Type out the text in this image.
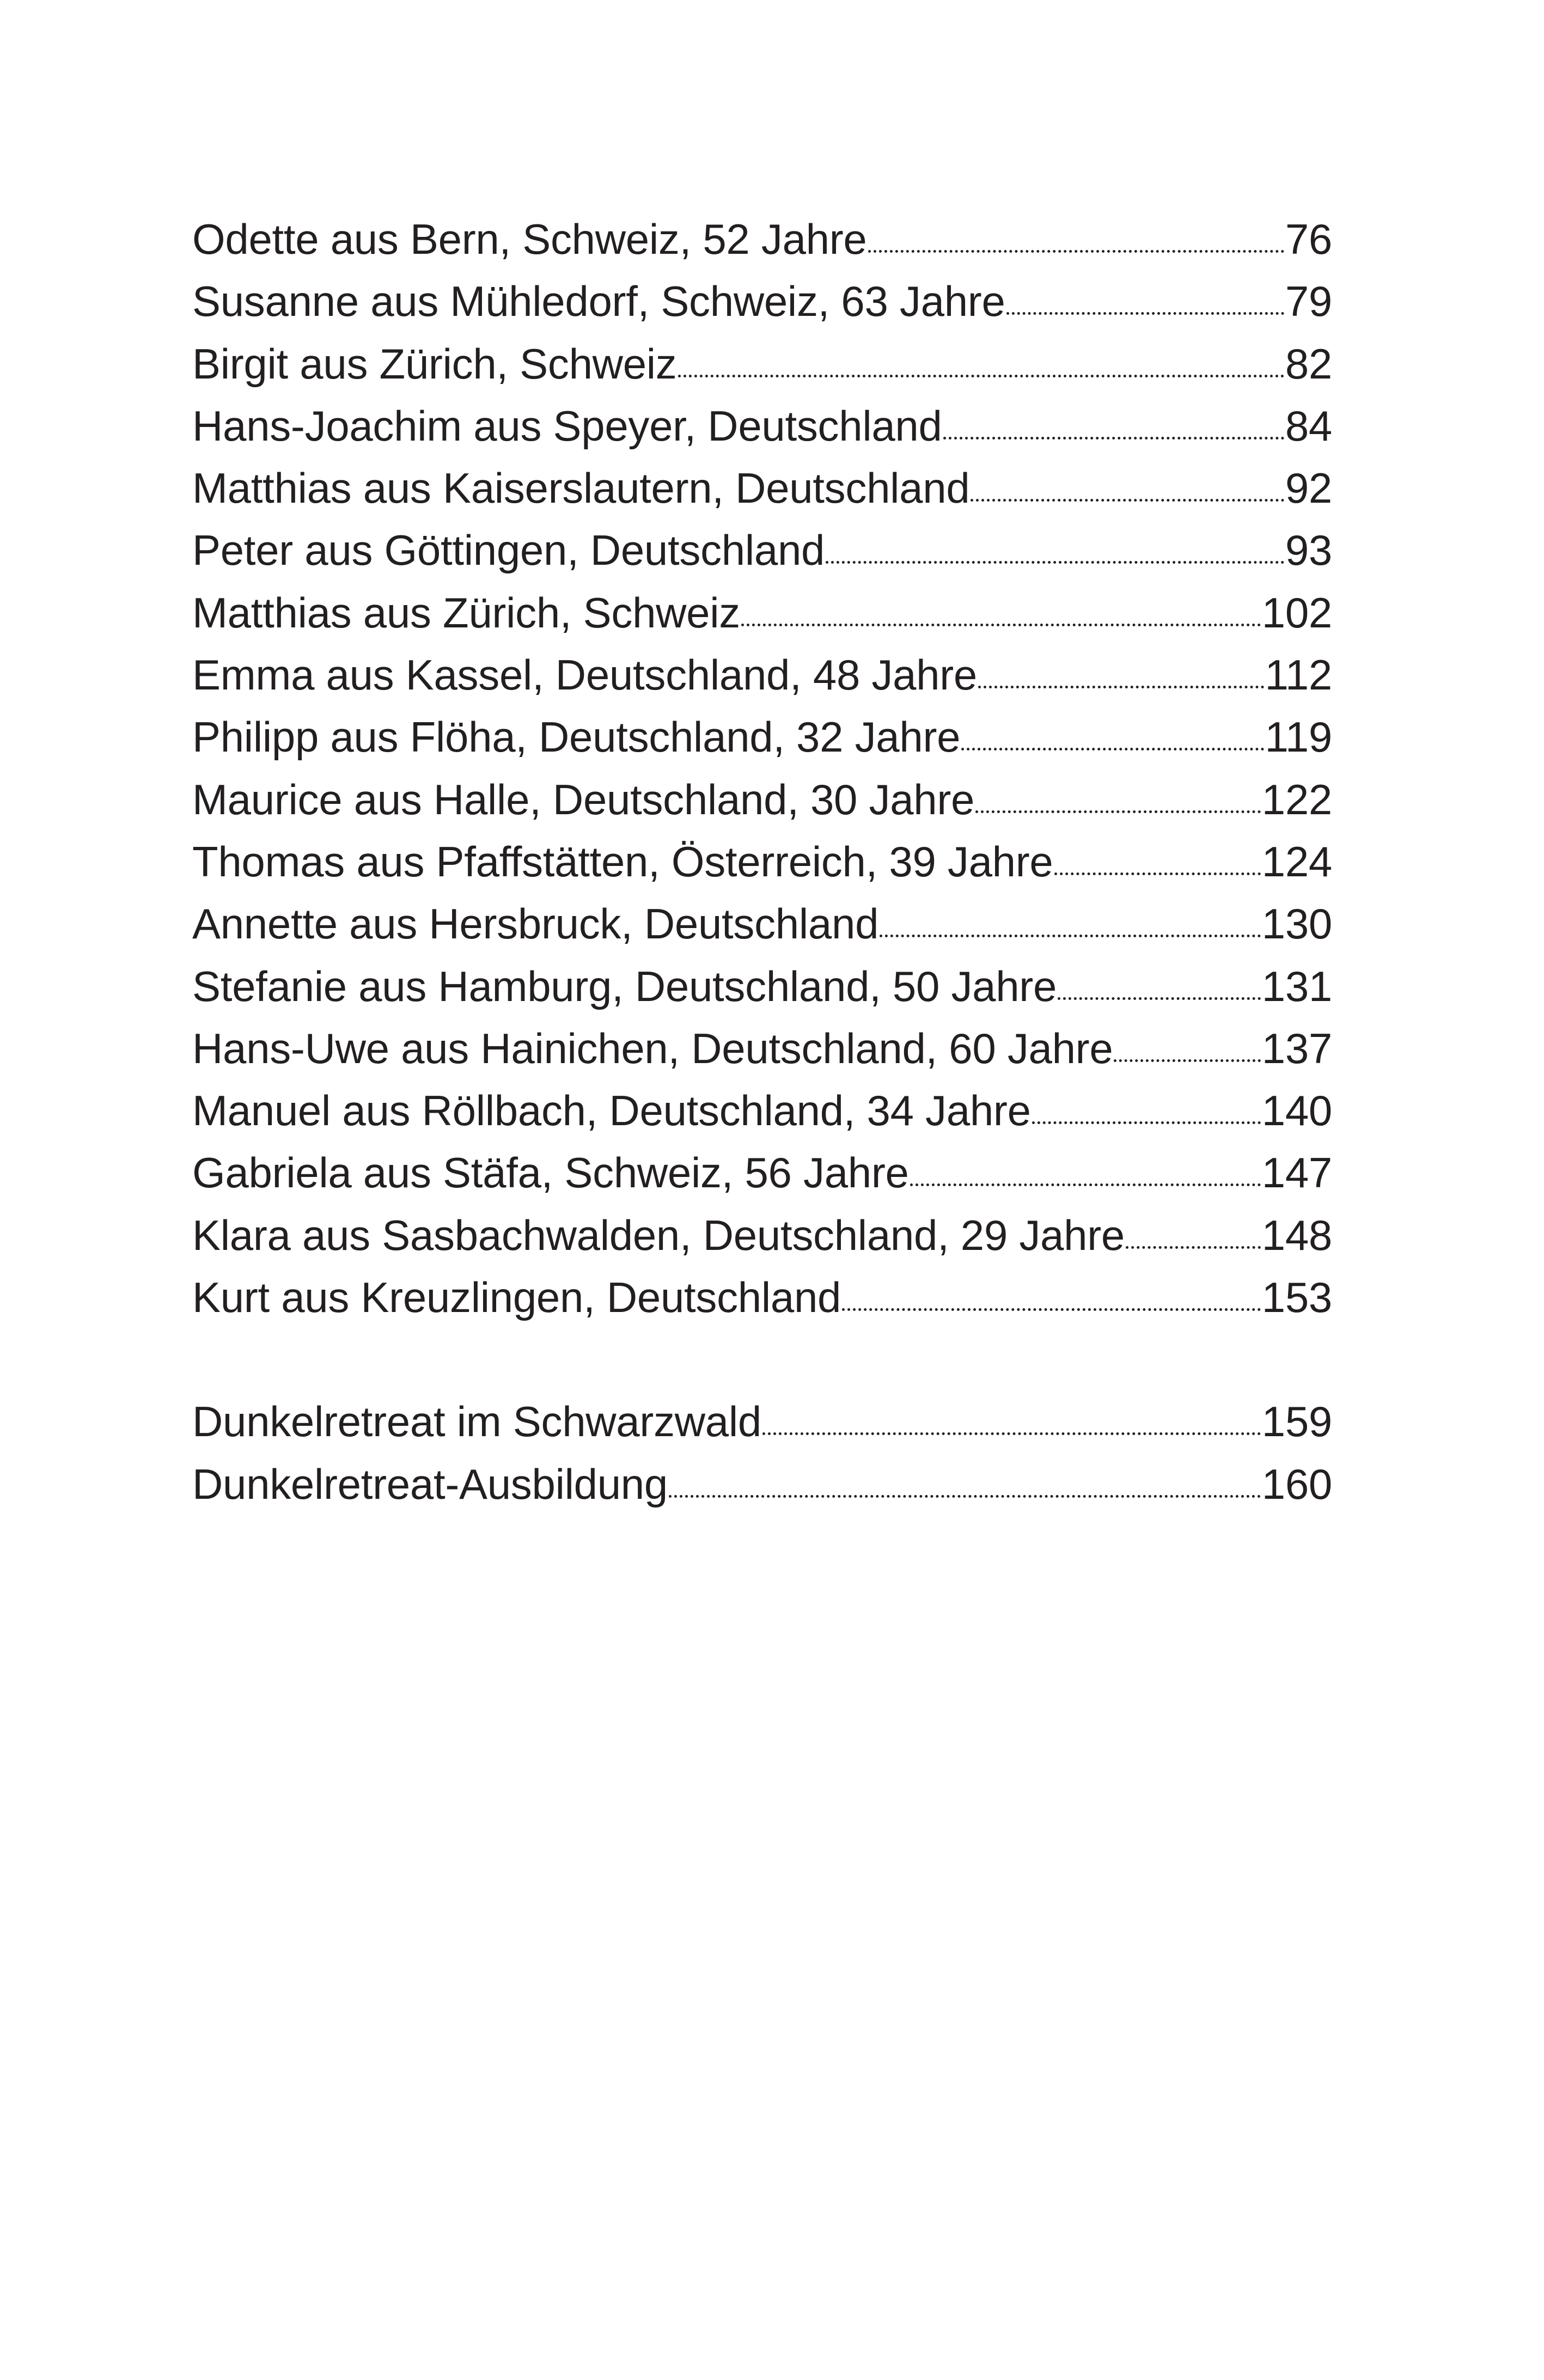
Odette aus Bern, Schweiz, 52 Jahre	76
Susanne aus Mühledorf, Schweiz, 63 Jahre	79
Birgit aus Zürich, Schweiz	82
Hans-Joachim aus Speyer, Deutschland	84
Matthias aus Kaiserslautern, Deutschland	92
Peter aus Göttingen, Deutschland	93
Matthias aus Zürich, Schweiz	102
Emma aus Kassel, Deutschland, 48 Jahre	112
Philipp aus Flöha, Deutschland, 32 Jahre	119
Maurice aus Halle, Deutschland, 30 Jahre	122
Thomas aus Pfaffstätten, Österreich, 39 Jahre	124
Annette aus Hersbruck, Deutschland	130
Stefanie aus Hamburg, Deutschland, 50 Jahre	131
Hans-Uwe aus Hainichen, Deutschland, 60 Jahre	137
Manuel aus Röllbach, Deutschland, 34 Jahre	140
Gabriela aus Stäfa, Schweiz, 56 Jahre	147
Klara aus Sasbachwalden, Deutschland, 29 Jahre	148
Kurt aus Kreuzlingen, Deutschland	153
Dunkelretreat im Schwarzwald	159
Dunkelretreat-Ausbildung	160
